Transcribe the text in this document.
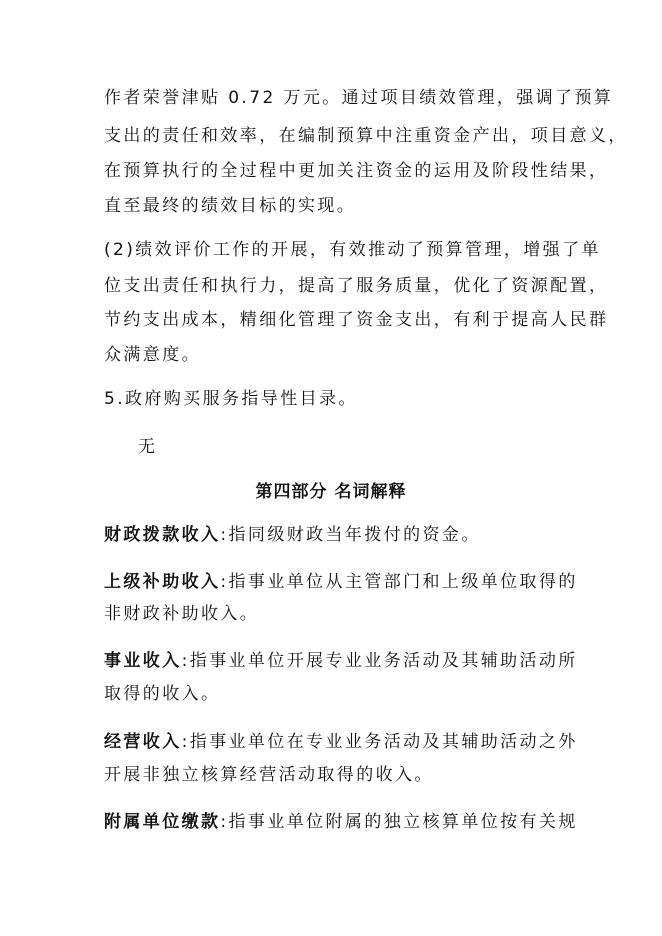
作者荣誉津贴 0.72 万元。通过项目绩效管理，强调了预算
支出的责任和效率，在编制预算中注重资金产出，项目意义，
在预算执行的全过程中更加关注资金的运用及阶段性结果，
直至最终的绩效目标的实现。
(2)绩效评价工作的开展，有效推动了预算管理，增强了单
位支出责任和执行力，提高了服务质量，优化了资源配置，
节约支出成本，精细化管理了资金支出，有利于提高人民群
众满意度。
5.政府购买服务指导性目录。
无
第四部分 名词解释
财政拨款收入:指同级财政当年拨付的资金。
上级补助收入:指事业单位从主管部门和上级单位取得的
非财政补助收入。
事业收入:指事业单位开展专业业务活动及其辅助活动所
取得的收入。
经营收入:指事业单位在专业业务活动及其辅助活动之外
开展非独立核算经营活动取得的收入。
附属单位缴款:指事业单位附属的独立核算单位按有关规
